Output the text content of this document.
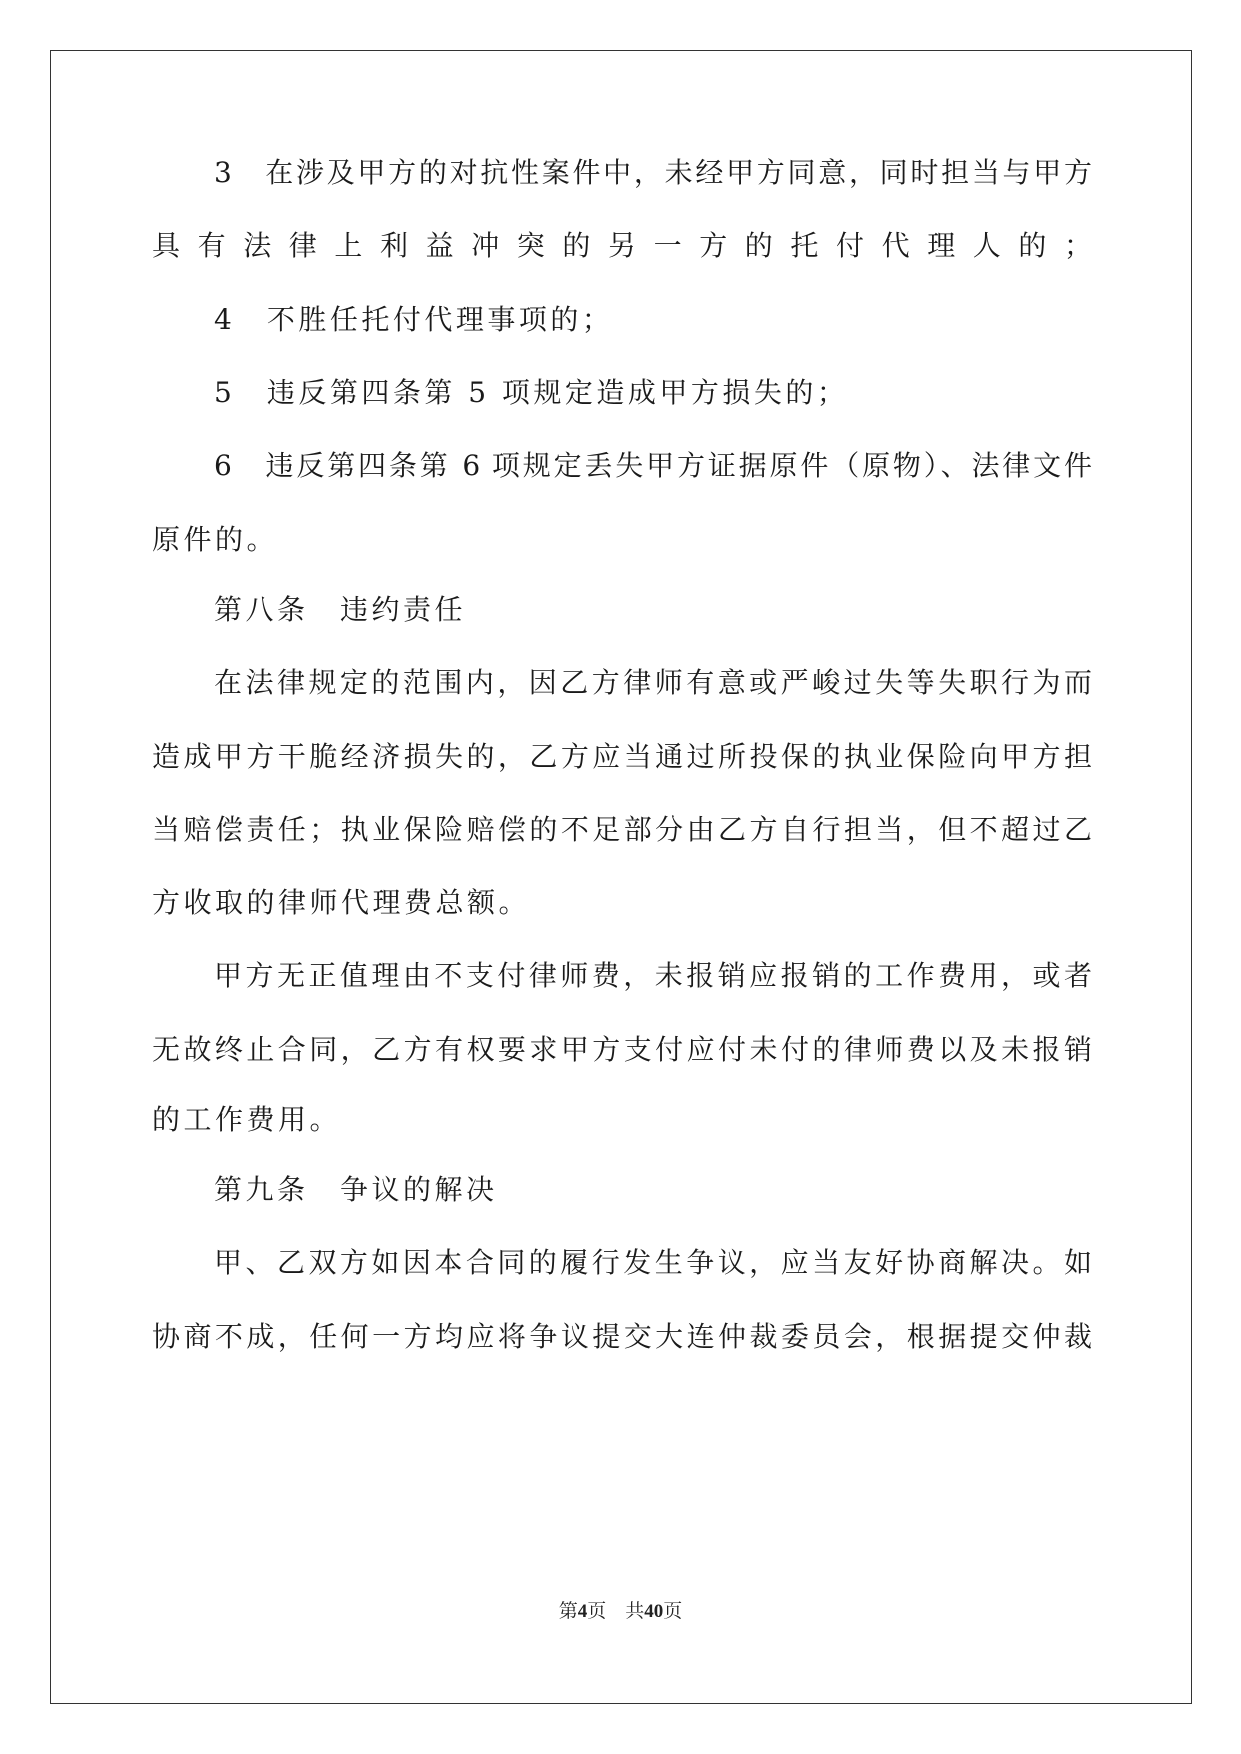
3　在涉及甲方的对抗性案件中，未经甲方同意，同时担当与甲方
具有法律上利益冲突的另一方的托付代理人的；
4　不胜任托付代理事项的；
5　违反第四条第 5 项规定造成甲方损失的；
6　违反第四条第 6 项规定丢失甲方证据原件（原物）、法律文件
原件的。
第八条　违约责任
在法律规定的范围内，因乙方律师有意或严峻过失等失职行为而
造成甲方干脆经济损失的，乙方应当通过所投保的执业保险向甲方担
当赔偿责任；执业保险赔偿的不足部分由乙方自行担当，但不超过乙
方收取的律师代理费总额。
甲方无正值理由不支付律师费，未报销应报销的工作费用，或者
无故终止合同，乙方有权要求甲方支付应付未付的律师费以及未报销
的工作费用。
第九条　争议的解决
甲、乙双方如因本合同的履行发生争议，应当友好协商解决。如
协商不成，任何一方均应将争议提交大连仲裁委员会，根据提交仲裁
第4页　共40页
